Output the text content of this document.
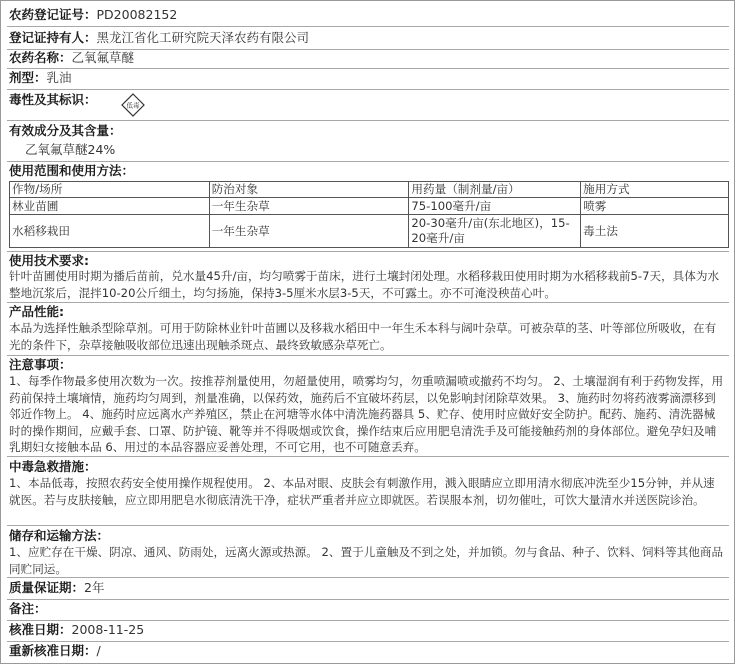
农药登记证号：PD20082152
登记证持有人：黑龙江省化工研究院天泽农药有限公司
农药名称：乙氧氟草醚
剂型：乳油
毒性及其标识：	低毒
有效成分及其含量：
乙氧氟草醚24%
使用范围和使用方法：
作物/场所	防治对象	用药量（制剂量/亩）	施用方式
林业苗圃	一年生杂草	75-100毫升/亩	喷雾
水稻移栽田	一年生杂草	20-30毫升/亩(东北地区)，15-20毫升/亩	毒土法
使用技术要求:
针叶苗圃使用时期为播后苗前，兑水量45升/亩，均匀喷雾于苗床，进行土壤封闭处理。水稻移栽田使用时期为水稻移栽前5-7天，具体为水整地沉浆后，混拌10-20公斤细土，均匀扬施，保持3-5厘米水层3-5天，不可露土。亦不可淹没秧苗心叶。
产品性能:
本品为选择性触杀型除草剂。可用于防除林业针叶苗圃以及移栽水稻田中一年生禾本科与阔叶杂草。可被杂草的茎、叶等部位所吸收，在有光的条件下，杂草接触吸收部位迅速出现触杀斑点、最终致敏感杂草死亡。
注意事项：
1、每季作物最多使用次数为一次。按推荐剂量使用，勿超量使用，喷雾均匀，勿重喷漏喷或撤药不均匀。 2、土壤湿润有利于药物发挥，用药前保持土壤墒情，施药均匀周到，剂量准确，以保药效，施药后不宜破坏药层，以免影响封闭除草效果。 3、施药时勿将药液雾滴漂移到邻近作物上。 4、施药时应远离水产养殖区，禁止在河塘等水体中清洗施药器具 5、贮存、使用时应做好安全防护。配药、施药、清洗器械时的操作期间，应戴手套、口罩、防护镜、靴等并不得吸烟或饮食，操作结束后应用肥皂清洗手及可能接触药剂的身体部位。避免孕妇及哺乳期妇女接触本品 6、用过的本品容器应妥善处理，不可它用，也不可随意丢弃。
中毒急救措施：
1、本品低毒，按照农药安全使用操作规程使用。 2、本品对眼、皮肤会有刺激作用，溅入眼睛应立即用清水彻底冲洗至少15分钟，并从速就医。若与皮肤接触，应立即用肥皂水彻底清洗干净，症状严重者并应立即就医。若误服本剂，切勿催吐，可饮大量清水并送医院诊治。
储存和运输方法：
1、应贮存在干燥、阴凉、通风、防雨处，远离火源或热源。 2、置于儿童触及不到之处，并加锁。勿与食品、种子、饮料、饲料等其他商品同贮同运。
质量保证期：2年
备注：
核准日期：2008-11-25
重新核准日期：/
